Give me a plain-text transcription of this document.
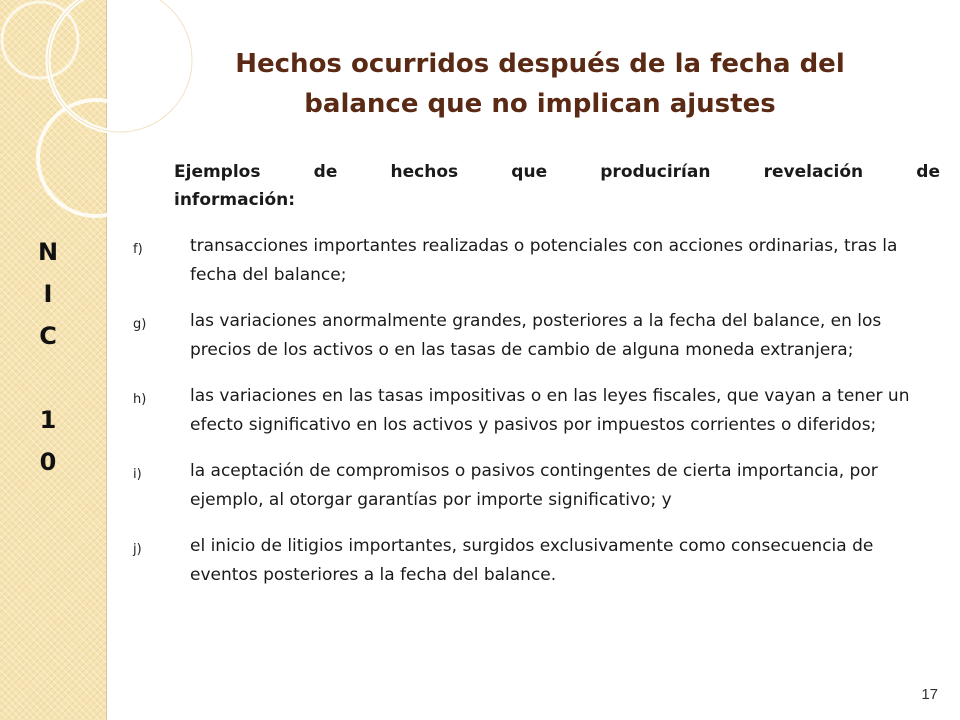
N
I
C
1
0
Hechos ocurridos después de la fecha del
balance que no implican ajustes

Ejemplos de hechos que producirían revelación de
información:

f)	transacciones importantes realizadas o potenciales con acciones ordinarias, tras la fecha del balance;
g)	las variaciones anormalmente grandes, posteriores a la fecha del balance, en los precios de los activos o en las tasas de cambio de alguna moneda extranjera;
h)	las variaciones en las tasas impositivas o en las leyes fiscales, que vayan a tener un efecto significativo en los activos y pasivos por impuestos corrientes o diferidos;
i)	la aceptación de compromisos o pasivos contingentes de cierta importancia, por ejemplo, al otorgar garantías por importe significativo; y
j)	el inicio de litigios importantes, surgidos exclusivamente como consecuencia de eventos posteriores a la fecha del balance.
17
